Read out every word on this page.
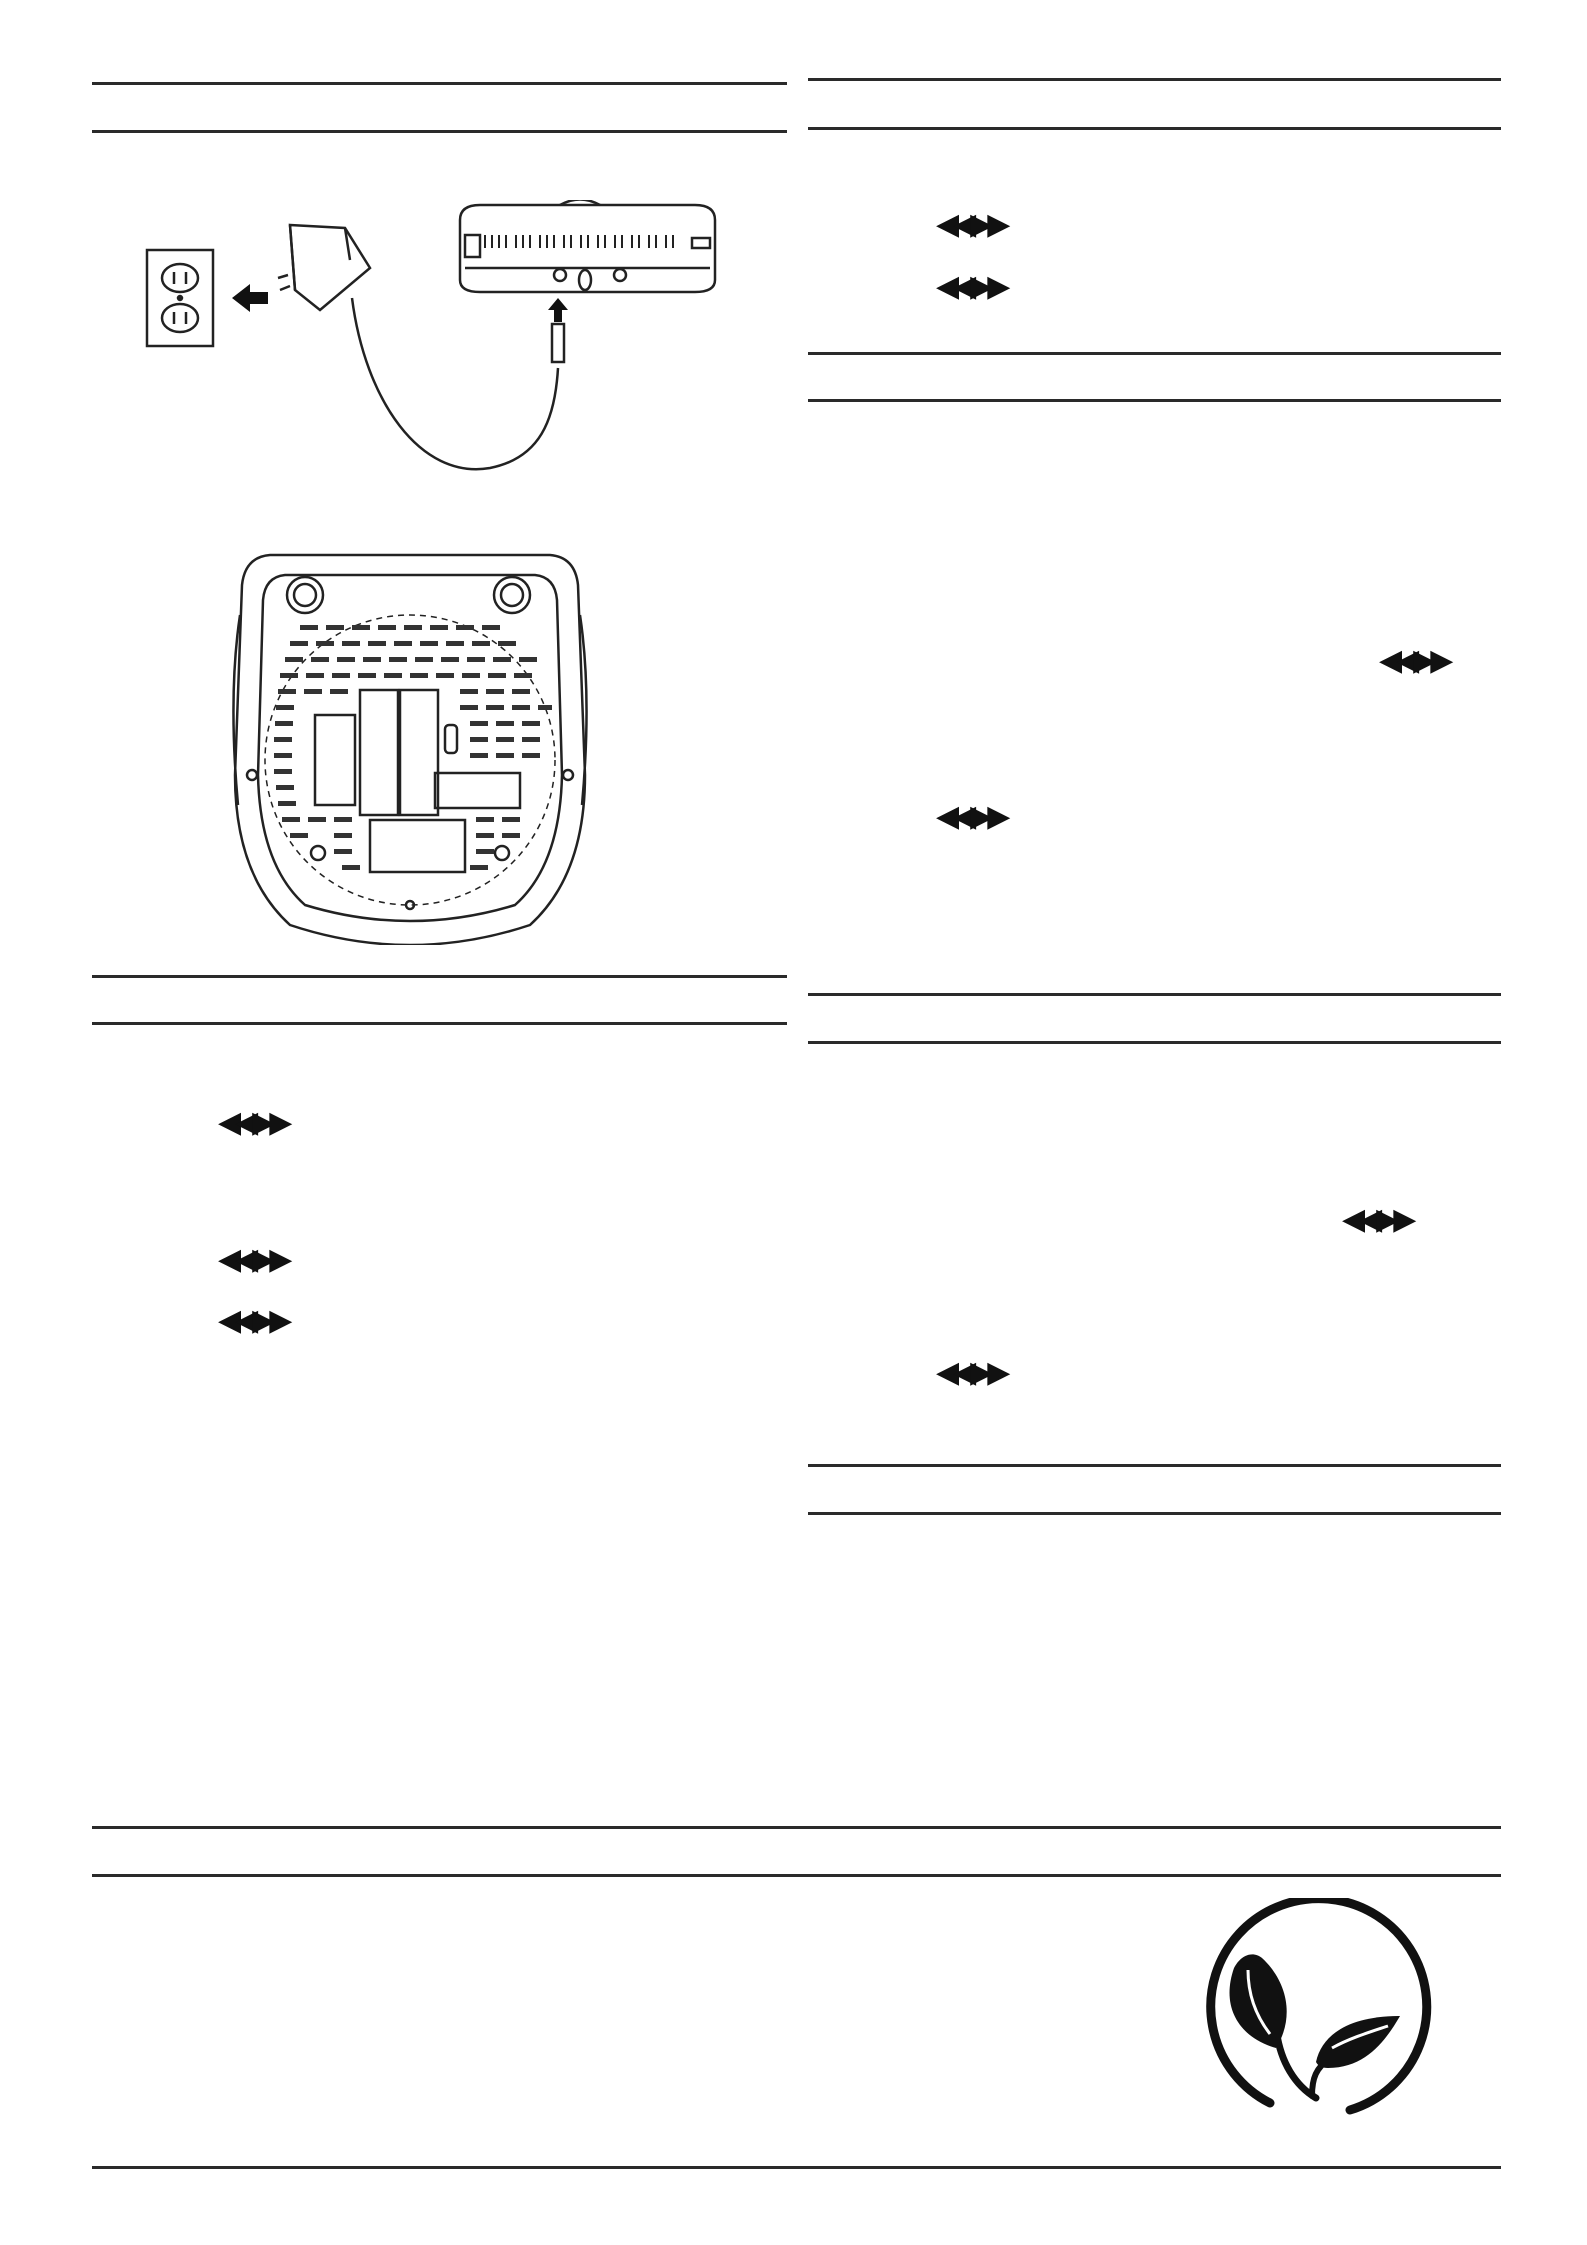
◀◀▶▶
◀◀▶▶
◀◀▶▶
◀◀▶▶
◀◀▶▶
◀◀▶▶
◀◀▶▶
◀◀▶▶
◀◀▶▶
